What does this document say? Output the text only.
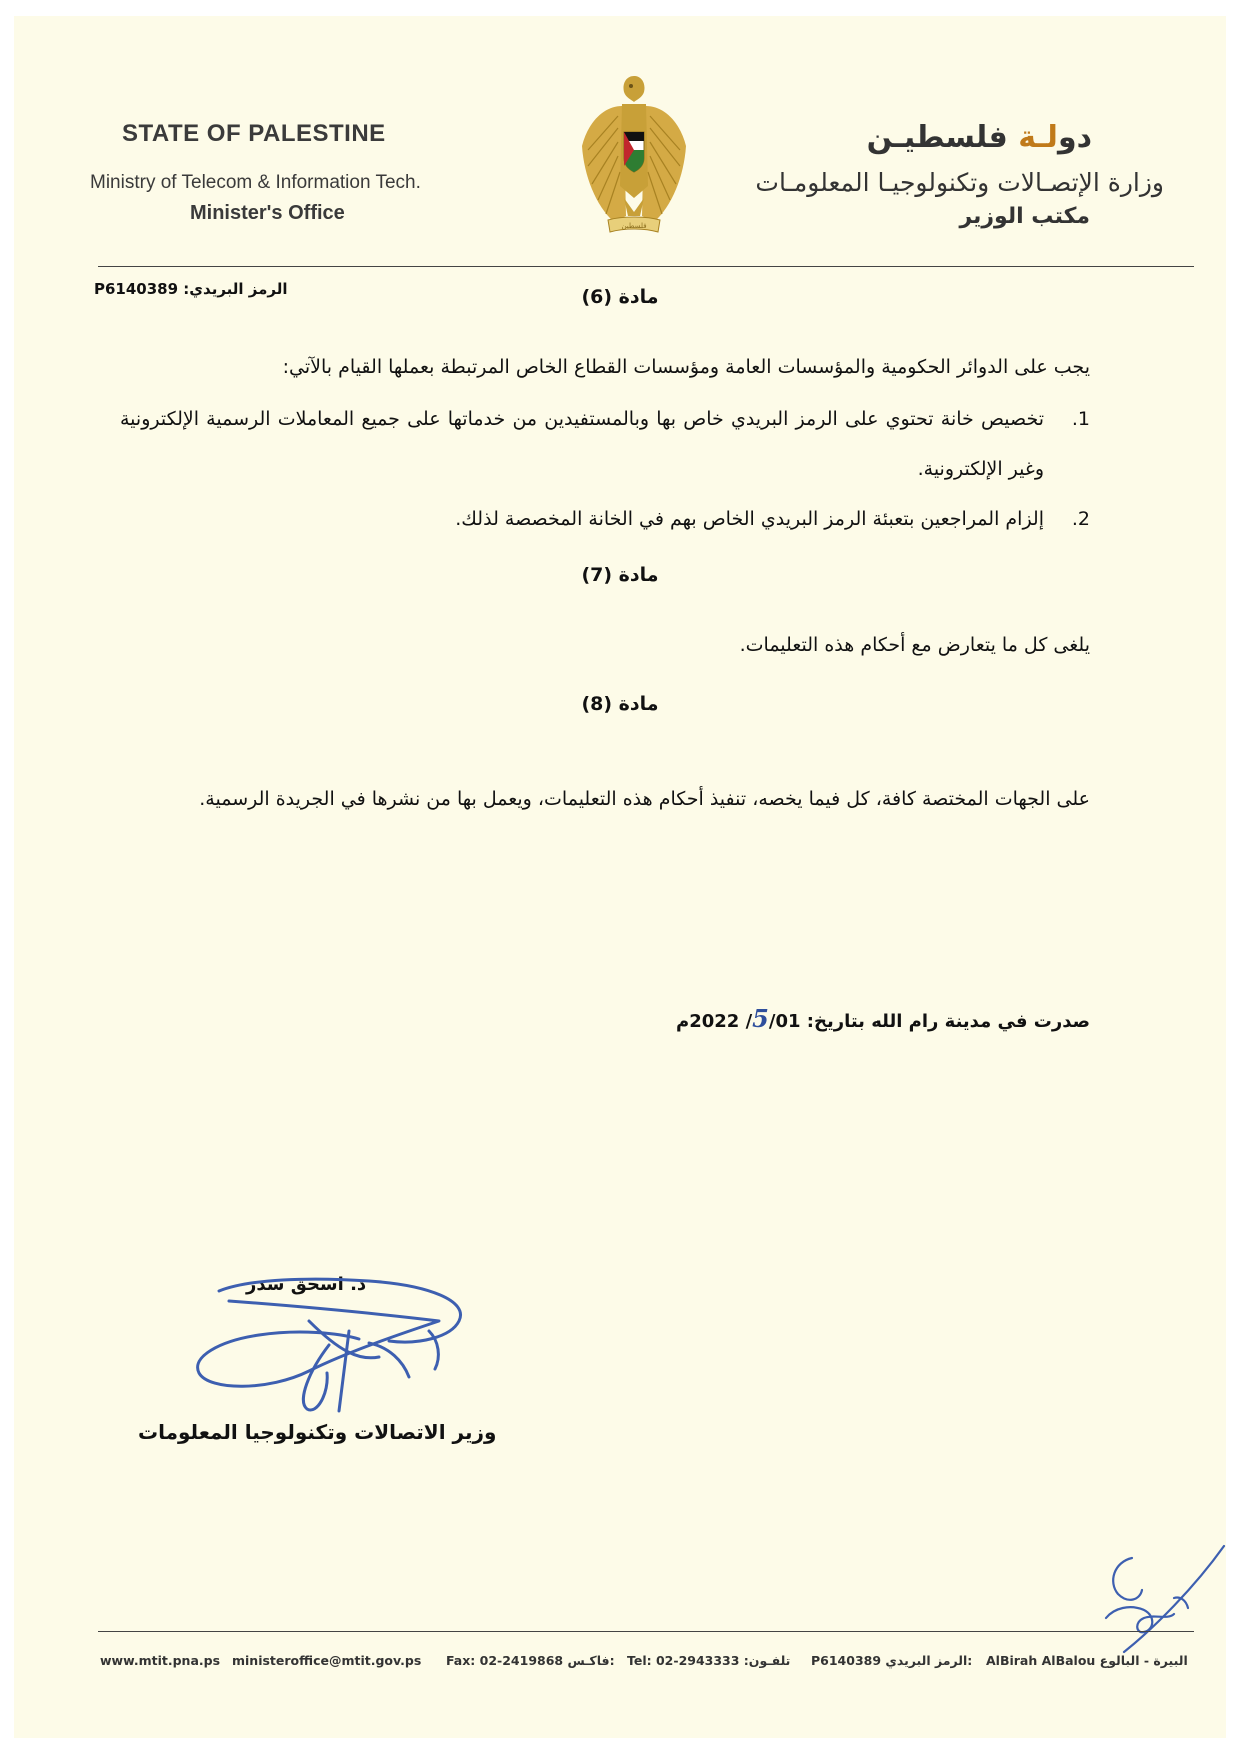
STATE OF PALESTINE
Ministry of Telecom & Information Tech.
Minister's Office
فلسطين
دولـة فلسطيـن
وزارة الإتصـالات وتكنولوجيـا المعلومـات
مكتب الوزير
الرمز البريدي: P6140389	مادة (6)
يجب على الدوائر الحكومية والمؤسسات العامة ومؤسسات القطاع الخاص المرتبطة بعملها القيام بالآتي:
1.
تخصيص خانة تحتوي على الرمز البريدي خاص بها وبالمستفيدين من خدماتها على جميع المعاملات الرسمية الإلكترونية وغير الإلكترونية.
2.
إلزام المراجعين بتعبئة الرمز البريدي الخاص بهم في الخانة المخصصة لذلك.
مادة (7)
يلغى كل ما يتعارض مع أحكام هذه التعليمات.
مادة (8)
على الجهات المختصة كافة، كل فيما يخصه، تنفيذ أحكام هذه التعليمات، ويعمل بها من نشرها في الجريدة الرسمية.
صدرت في مدينة رام الله بتاريخ: 5/01/ 2022م
د. اسحق سدر
وزير الاتصالات وتكنولوجيا المعلومات
www.mtit.pna.ps ministeroffice@mtit.gov.ps Fax: 02-2419868 فاكـس: Tel: 02-2943333 :تلفـون P6140389 الرمز البريدي: AlBirah AlBalou البيرة - البالوع
